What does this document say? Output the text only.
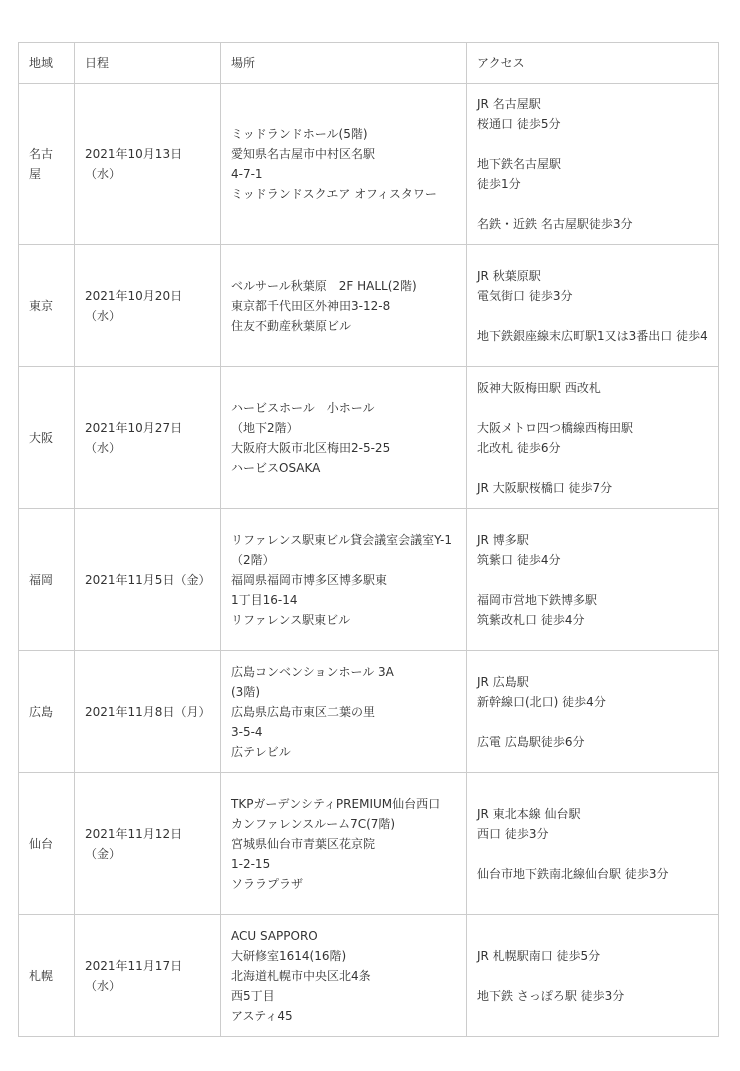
地域	日程	場所	アクセス
名古屋	2021年10月13日（水）	ミッドランドホール(5階)
愛知県名古屋市中村区名駅
4-7-1
ミッドランドスクエア オフィスタワー	JR 名古屋駅
桜通口 徒歩5分
地下鉄名古屋駅
徒歩1分
名鉄・近鉄 名古屋駅徒歩3分

東京	2021年10月20日（水）	ベルサール秋葉原　2F HALL(2階)
東京都千代田区外神田3-12-8
住友不動産秋葉原ビル	JR 秋葉原駅
電気街口 徒歩3分
地下鉄銀座線末広町駅1又は3番出口 徒歩4

大阪	2021年10月27日（水）	ハービスホール　小ホール
（地下2階）
大阪府大阪市北区梅田2-5-25
ハービスOSAKA	阪神大阪梅田駅 西改札
大阪メトロ四つ橋線西梅田駅
北改札 徒歩6分
JR 大阪駅桜橋口 徒歩7分

福岡	2021年11月5日（金）	リファレンス駅東ビル貸会議室会議室Y-1
（2階）
福岡県福岡市博多区博多駅東
1丁目16-14
リファレンス駅東ビル	JR 博多駅
筑紫口 徒歩4分
福岡市営地下鉄博多駅
筑紫改札口 徒歩4分

広島	2021年11月8日（月）	広島コンベンションホール 3A
(3階)
広島県広島市東区二葉の里
3-5-4
広テレビル	JR 広島駅
新幹線口(北口) 徒歩4分
広電 広島駅徒歩6分

仙台	2021年11月12日（金）	TKPガーデンシティPREMIUM仙台西口
カンファレンスルーム7C(7階)
宮城県仙台市青葉区花京院
1-2-15
ソララプラザ	JR 東北本線 仙台駅
西口 徒歩3分
仙台市地下鉄南北線仙台駅 徒歩3分

札幌	2021年11月17日（水）	ACU SAPPORO
大研修室1614(16階)
北海道札幌市中央区北4条
西5丁目
アスティ45	JR 札幌駅南口 徒歩5分
地下鉄 さっぽろ駅 徒歩3分
